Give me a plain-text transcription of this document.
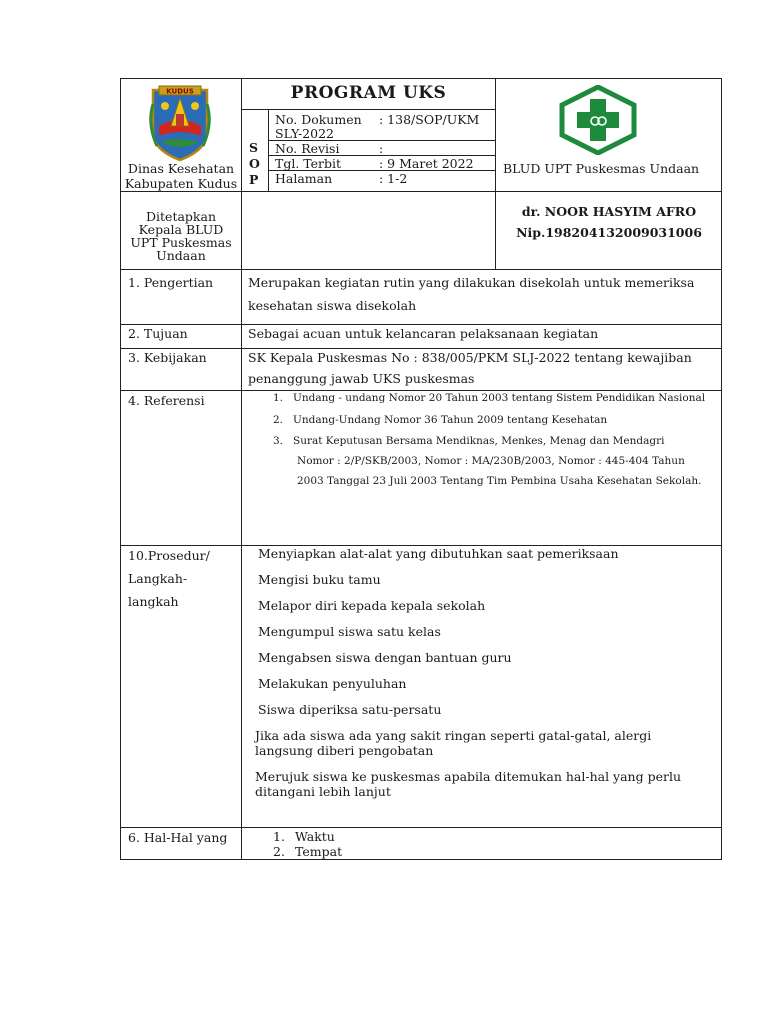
KUDUS
Dinas Kesehatan
Kabupaten Kudus
PROGRAM UKS
S
O
P
No. Dokumen : 138/SOP/UKM
SLY-2022
No. Revisi	:
Tgl. Terbit	: 9 Maret 2022
Halaman	: 1-2
BLUD UPT Puskesmas Undaan
Ditetapkan
Kepala BLUD
UPT Puskesmas
Undaan
dr. NOOR HASYIM AFRO
Nip.198204132009031006
1. Pengertian	Merupakan kegiatan rutin yang dilakukan disekolah untuk memeriksa
kesehatan siswa disekolah
2. Tujuan	Sebagai acuan untuk kelancaran pelaksanaan kegiatan
3. Kebijakan	SK Kepala Puskesmas No : 838/005/PKM SLJ-2022 tentang kewajiban
penanggung jawab UKS puskesmas
4. Referensi	1. Undang - undang Nomor 20 Tahun 2003 tentang Sistem Pendidikan Nasional
2. Undang-Undang Nomor 36 Tahun 2009 tentang Kesehatan
3. Surat Keputusan Bersama Mendiknas, Menkes, Menag dan Mendagri
Nomor : 2/P/SKB/2003, Nomor : MA/230B/2003, Nomor : 445-404 Tahun
2003 Tanggal 23 Juli 2003 Tentang Tim Pembina Usaha Kesehatan Sekolah.
10.Prosedur/
Langkah-
langkah
Menyiapkan alat-alat yang dibutuhkan saat pemeriksaan
Mengisi buku tamu
Melapor diri kepada kepala sekolah
Mengumpul siswa satu kelas
Mengabsen siswa dengan bantuan guru
Melakukan penyuluhan
Siswa diperiksa satu-persatu
Jika ada siswa ada yang sakit ringan seperti gatal-gatal, alergi langsung diberi pengobatan
Merujuk siswa ke puskesmas apabila ditemukan hal-hal yang perlu ditangani lebih lanjut
6. Hal-Hal yang	1. Waktu
2. Tempat
